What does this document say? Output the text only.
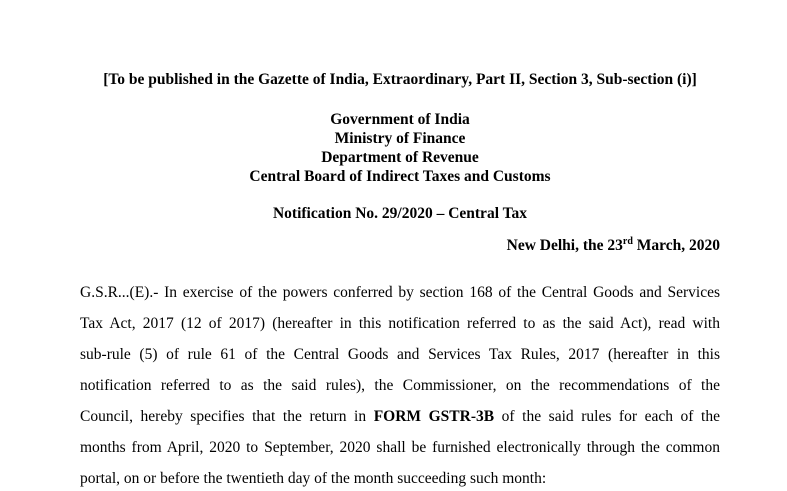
[To be published in the Gazette of India, Extraordinary, Part II, Section 3, Sub-section (i)]
Government of India
Ministry of Finance
Department of Revenue
Central Board of Indirect Taxes and Customs
Notification No. 29/2020 – Central Tax
New Delhi, the 23rd March, 2020
G.S.R...(E).- In exercise of the powers conferred by section 168 of the Central Goods and Services
Tax Act, 2017 (12 of 2017) (hereafter in this notification referred to as the said Act), read with
sub-rule (5) of rule 61 of the Central Goods and Services Tax Rules, 2017 (hereafter in this
notification referred to as the said rules), the Commissioner, on the recommendations of the
Council, hereby specifies that the return in FORM GSTR-3B of the said rules for each of the
months from April, 2020 to September, 2020 shall be furnished electronically through the common
portal, on or before the twentieth day of the month succeeding such month:
